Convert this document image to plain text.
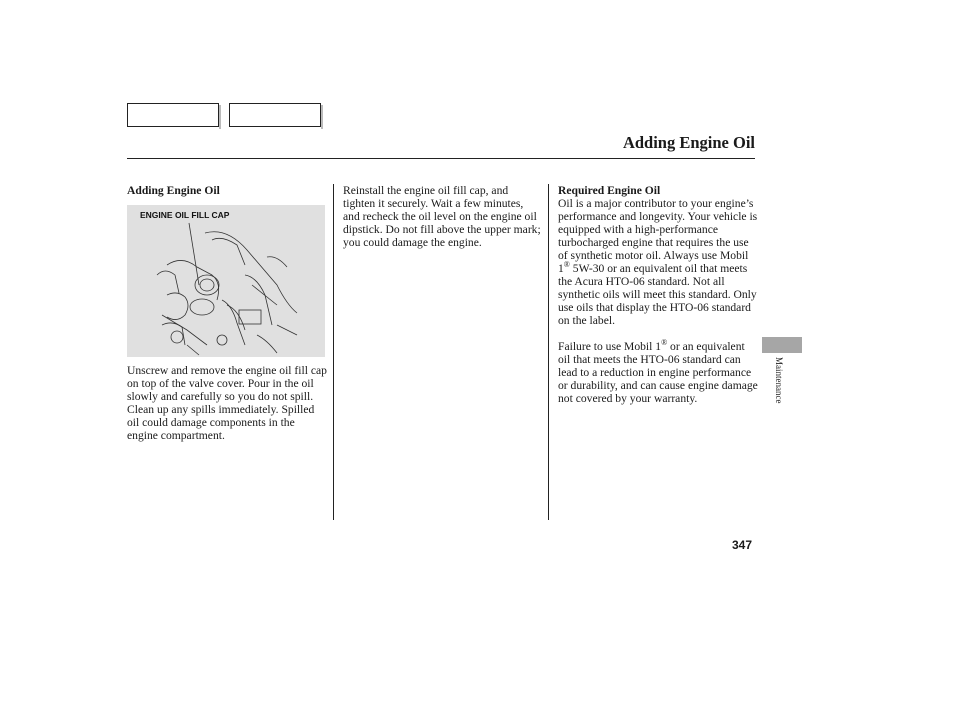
Adding Engine Oil
Adding Engine Oil

Unscrew and remove the engine oil fill cap on top of the valve cover. Pour in the oil slowly and carefully so you do not spill. Clean up any spills immediately. Spilled oil could damage components in the engine compartment.

ENGINE OIL FILL CAP

Reinstall the engine oil fill cap, and tighten it securely. Wait a few minutes, and recheck the oil level on the engine oil dipstick. Do not fill above the upper mark; you could damage the engine.

Required Engine Oil

Oil is a major contributor to your engine’s performance and longevity. Your vehicle is equipped with a high-performance turbocharged engine that requires the use of synthetic motor oil. Always use Mobil 1® 5W-30 or an equivalent oil that meets the Acura HTO-06 standard. Not all synthetic oils will meet this standard. Only use oils that display the HTO-06 standard on the label.

Failure to use Mobil 1® or an equivalent oil that meets the HTO-06 standard can lead to a reduction in engine performance or durability, and can cause engine damage not covered by your warranty.	Maintenance
347
